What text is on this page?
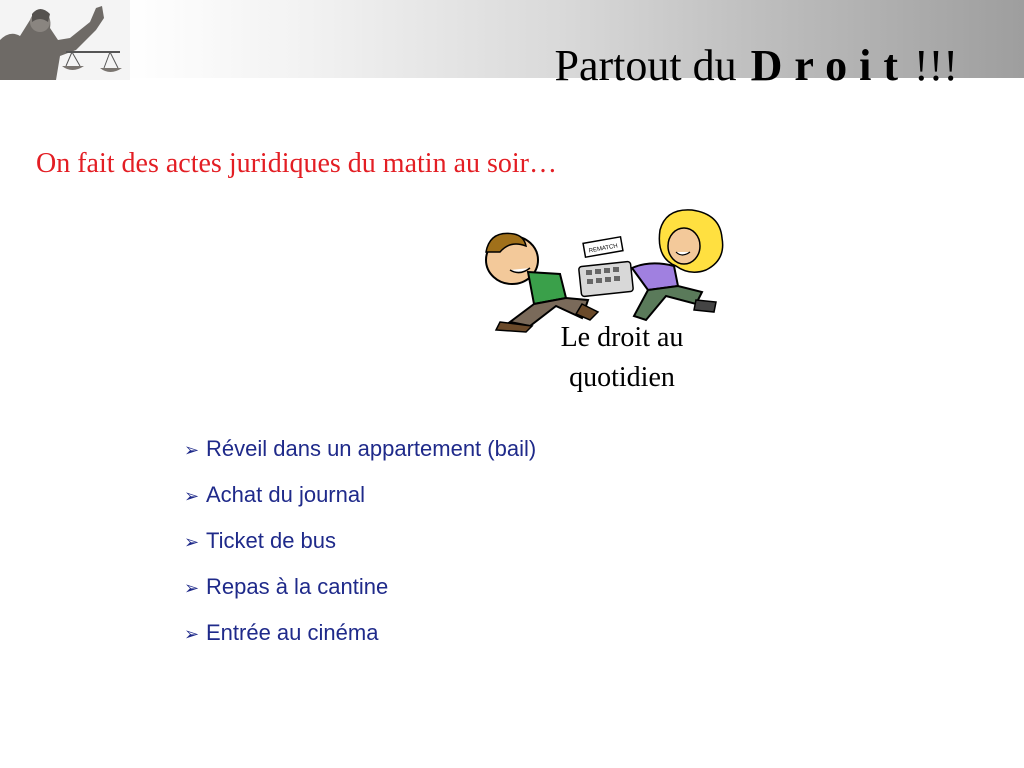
Partout du Droit!!!
On fait des actes juridiques du matin au soir…
REMATCH
Le droit au quotidien
➢ Réveil dans un appartement (bail)
➢ Achat du journal
➢ Ticket de bus
➢ Repas à la cantine
➢ Entrée au cinéma
